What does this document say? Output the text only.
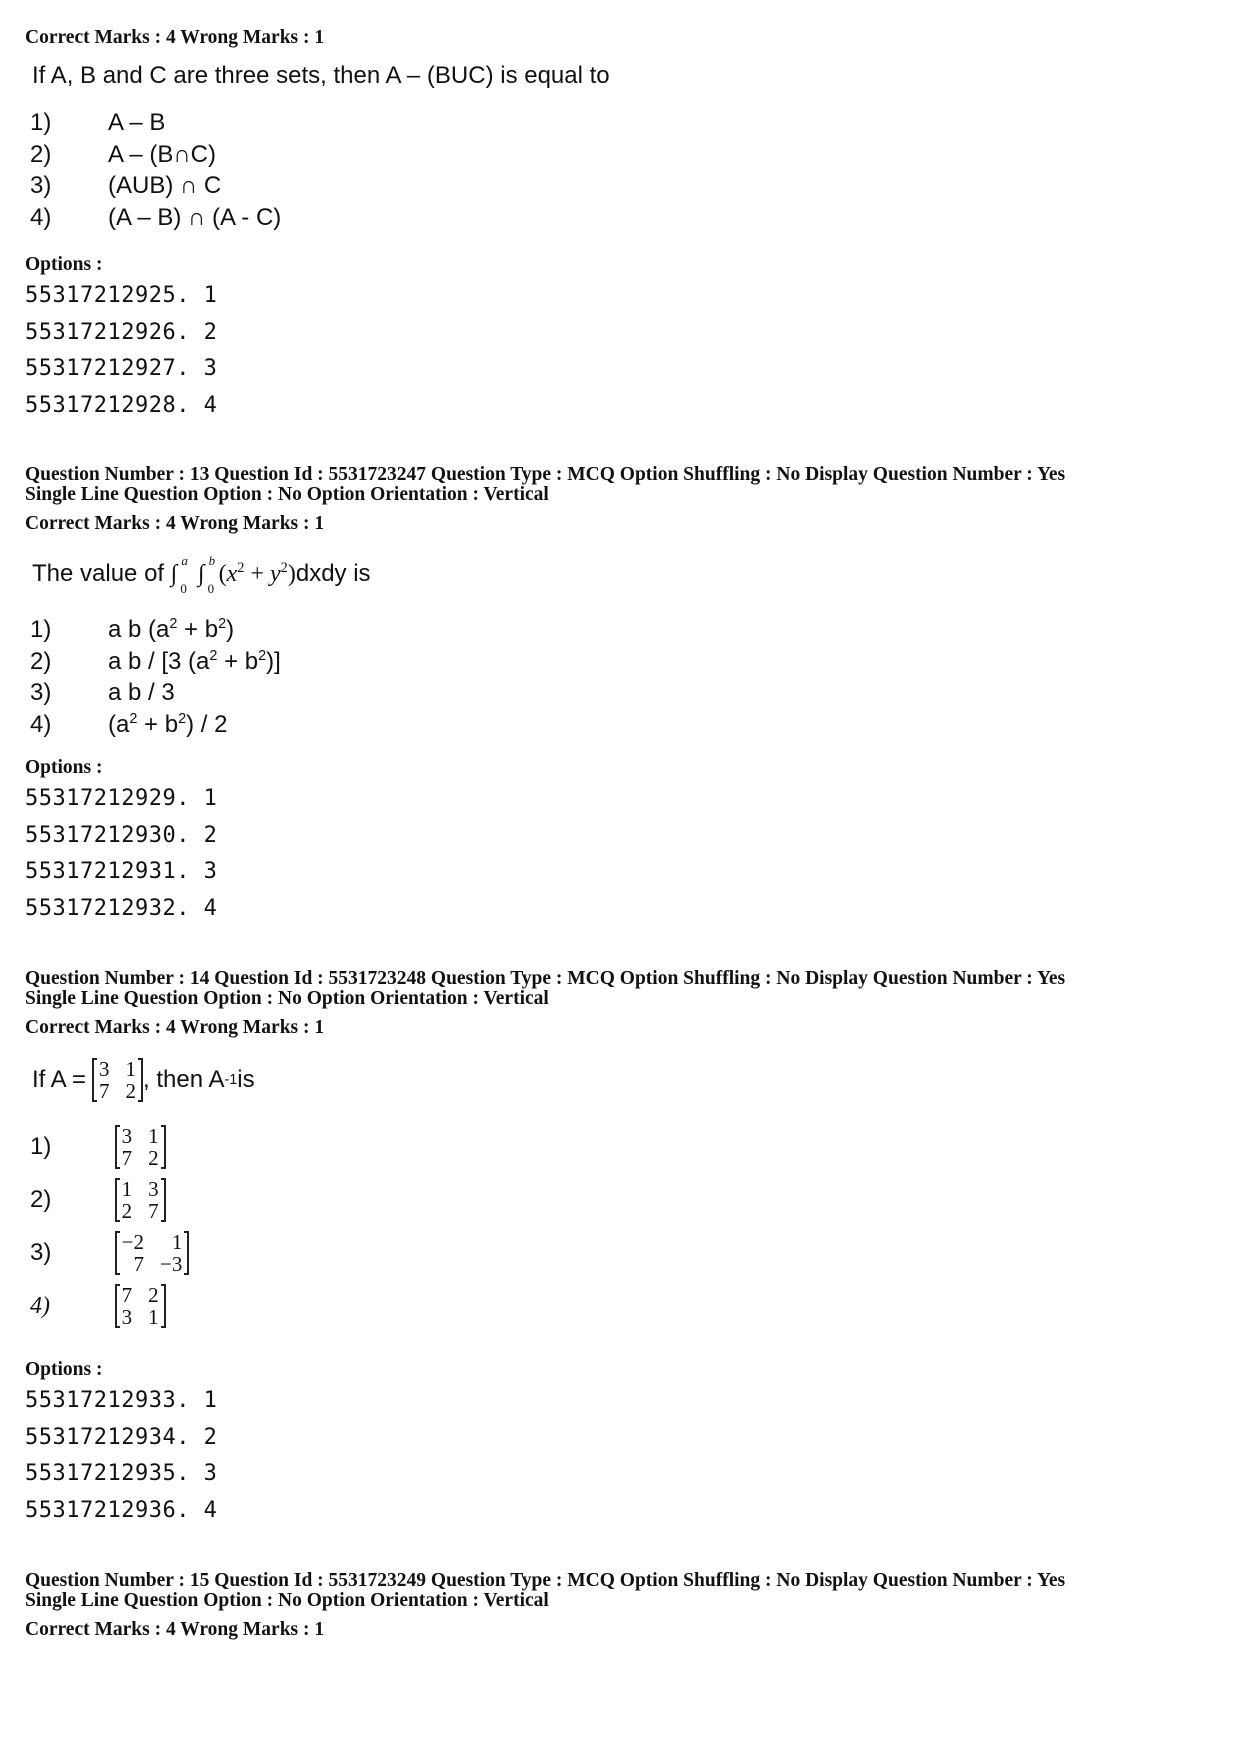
Correct Marks : 4 Wrong Marks : 1
If A, B and C are three sets, then A – (BUC) is equal to
1) A – B
2) A – (B∩C)
3) (AUB) ∩ C
4) (A – B) ∩ (A - C)
Options :
55317212925. 1
55317212926. 2
55317212927. 3
55317212928. 4
Question Number : 13 Question Id : 5531723247 Question Type : MCQ Option Shuffling : No Display Question Number : Yes
Single Line Question Option : No Option Orientation : Vertical
Correct Marks : 4 Wrong Marks : 1
The value of ∫
a
0
∫
b
0
($x^2$ + $y^2)dxdy$ is
1) a b $(a^2 + b^2)$
2) a b / [3 $(a^2 + b^2)$]
3) a b / 3
4) $(a^2 + b^2) / 2$
Options :
55317212929. 1
55317212930. 2
55317212931. 3
55317212932. 4
Question Number : 14 Question Id : 5531723248 Question Type : MCQ Option Shuffling : No Display Question Number : Yes
Single Line Question Option : No Option Orientation : Vertical
Correct Marks : 4 Wrong Marks : 1
If A = 3 1
7 2 , then A -1 is
1)	3 1
7 2
2)	1 3
2 7
3)	−2	1
7 −3
4)	7 2
3 1
Options :
55317212933. 1
55317212934. 2
55317212935. 3
55317212936. 4
Question Number : 15 Question Id : 5531723249 Question Type : MCQ Option Shuffling : No Display Question Number : Yes
Single Line Question Option : No Option Orientation : Vertical
Correct Marks : 4 Wrong Marks : 1
